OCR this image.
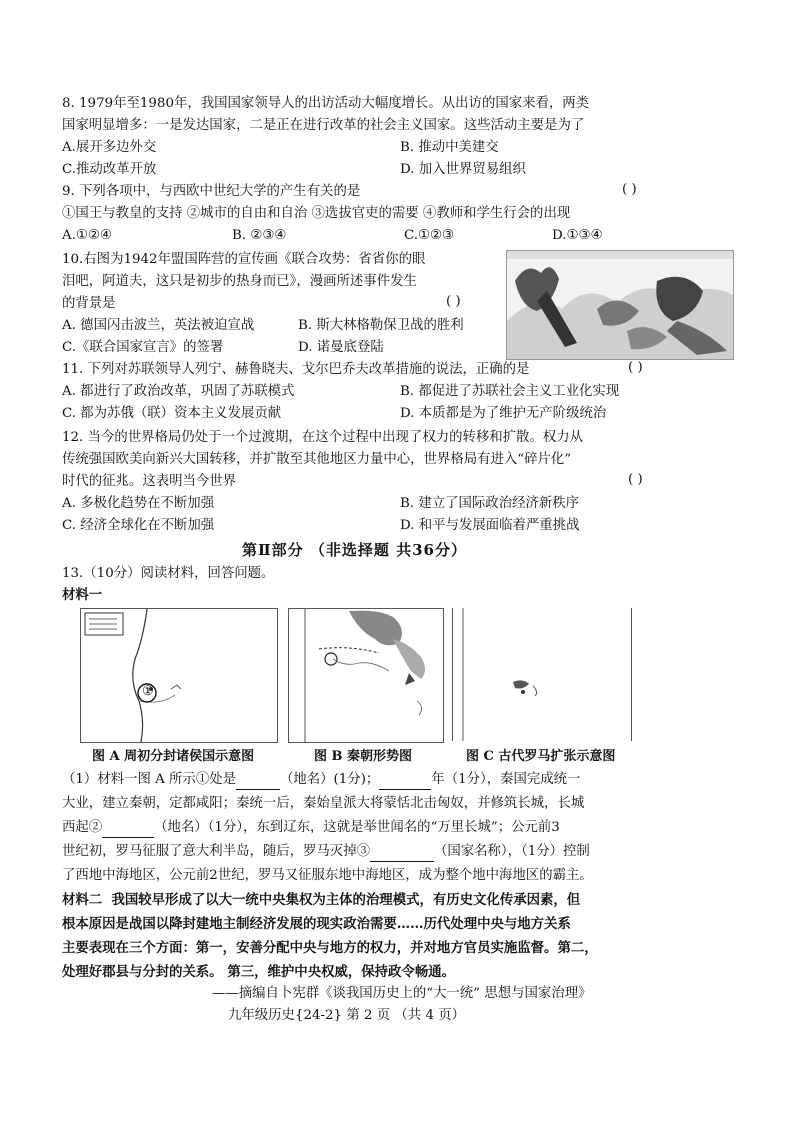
8. 1979年至1980年，我国国家领导人的出访活动大幅度增长。从出访的国家来看，两类
国家明显增多：一是发达国家，二是正在进行改革的社会主义国家。这些活动主要是为了
A.展开多边外交	B. 推动中美建交
C.推动改革开放	D. 加入世界贸易组织
9. 下列各项中，与西欧中世纪大学的产生有关的是	( )
①国王与教皇的支持 ②城市的自由和自治 ③选拔官吏的需要 ④教师和学生行会的出现
A.①②④	B. ②③④	C.①②③	D.①③④
10.右图为1942年盟国阵营的宣传画《联合攻势：省省你的眼
泪吧，阿道夫，这只是初步的热身而已》，漫画所述事件发生
的背景是	( )
A. 德国闪击波兰，英法被迫宣战	B. 斯大林格勒保卫战的胜利
C.《联合国家宣言》的签署	D. 诺曼底登陆
11. 下列对苏联领导人列宁、赫鲁晓夫、戈尔巴乔夫改革措施的说法，正确的是	( )
A. 都进行了政治改革，巩固了苏联模式	B. 都促进了苏联社会主义工业化实现
C. 都为苏俄（联）资本主义发展贡献	D. 本质都是为了维护无产阶级统治
12. 当今的世界格局仍处于一个过渡期，在这个过程中出现了权力的转移和扩散。权力从
传统强国欧美向新兴大国转移，并扩散至其他地区力量中心，世界格局有进入“碎片化”
时代的征兆。这表明当今世界	( )
A. 多极化趋势在不断加强	B. 建立了国际政治经济新秩序
C. 经济全球化在不断加强	D. 和平与发展面临着严重挑战
第Ⅱ部分 （非选择题 共36分）
13.（10分）阅读材料，回答问题。
材料一
①
图 A 周初分封诸侯国示意图	图 B 秦朝形势图	图 C 古代罗马扩张示意图
（1）材料一图 A 所示①处是	（地名）(1分)；	年（1分），秦国完成统一
大业，建立秦朝，定都咸阳；秦统一后，秦始皇派大将蒙恬北击匈奴，并修筑长城，长城
西起②	（地名）（1分），东到辽东，这就是举世闻名的“万里长城”；公元前3
世纪初，罗马征服了意大利半岛，随后，罗马灭掉③	（国家名称），（1分）控制
了西地中海地区，公元前2世纪，罗马又征服东地中海地区，成为整个地中海地区的霸主。
材料二 我国较早形成了以大一统中央集权为主体的治理模式，有历史文化传承因素，但
根本原因是战国以降封建地主制经济发展的现实政治需要……历代处理中央与地方关系
主要表现在三个方面：第一，安善分配中央与地方的权力，并对地方官员实施监督。第二，
处理好郡县与分封的关系。 第三，维护中央权威，保持政令畅通。
——摘编自卜宪群《谈我国历史上的“大一统” 思想与国家治理》
九年级历史{24-2} 第 2 页 （共 4 页）
